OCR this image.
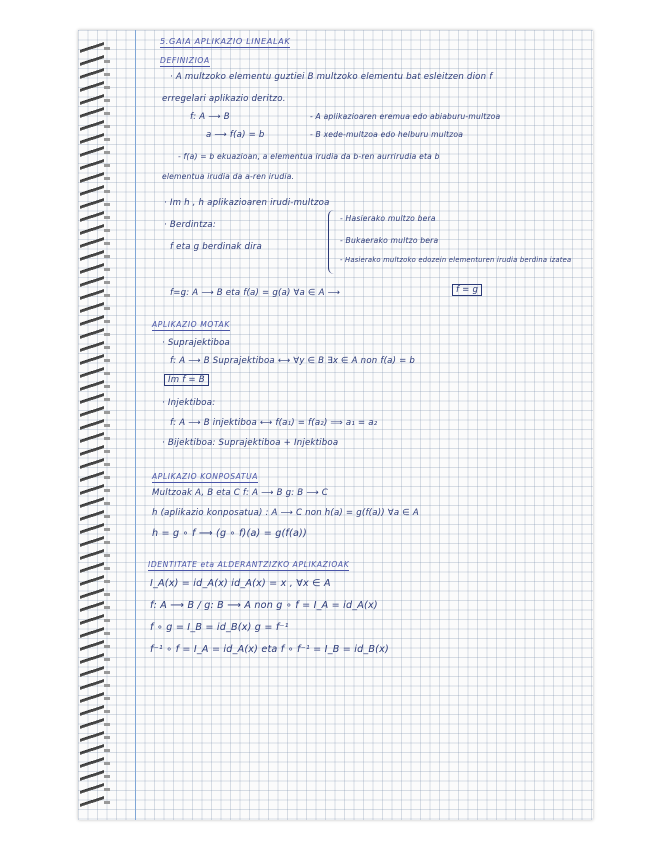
5.GAIA APLIKAZIO LINEALAK
DEFINIZIOA
· A multzoko elementu guztiei B multzoko elementu bat esleitzen dion f
erregelari aplikazio deritzo.
f: A ⟶ B	- A aplikazioaren eremua edo abiaburu-multzoa
a ⟶ f(a) = b	- B xede-multzoa edo helburu multzoa
- f(a) = b ekuazioan, a elementua irudia da b-ren aurrirudia eta b
elementua irudia da a-ren irudia.
· Im h , h aplikazioaren irudi-multzoa
· Berdintza:
f eta g berdinak dira
- Hasierako multzo bera
- Bukaerako multzo bera
- Hasierako multzoko edozein elementuren irudia berdina izatea
f=g: A ⟶ B eta f(a) = g(a) ∀a ∈ A ⟶	f = g
APLIKAZIO MOTAK
· Suprajektiboa
f: A ⟶ B Suprajektiboa ⟷ ∀y ∈ B ∃x ∈ A non f(a) = b
Im f = B
· Injektiboa:
f: A ⟶ B injektiboa ⟷ f(a₁) = f(a₂) ⟹ a₁ = a₂
· Bijektiboa: Suprajektiboa + Injektiboa
APLIKAZIO KONPOSATUA
Multzoak A, B eta C f: A ⟶ B g: B ⟶ C
h (aplikazio konposatua) : A ⟶ C non h(a) = g(f(a)) ∀a ∈ A
h = g ∘ f ⟶ (g ∘ f)(a) = g(f(a))
IDENTITATE eta ALDERANTZIZKO APLIKAZIOAK
I_A(x) = id_A(x) id_A(x) = x , ∀x ∈ A
f: A ⟶ B / g: B ⟶ A non g ∘ f = I_A = id_A(x)
f ∘ g = I_B = id_B(x) g = f⁻¹
f⁻¹ ∘ f = I_A = id_A(x) eta f ∘ f⁻¹ = I_B = id_B(x)
